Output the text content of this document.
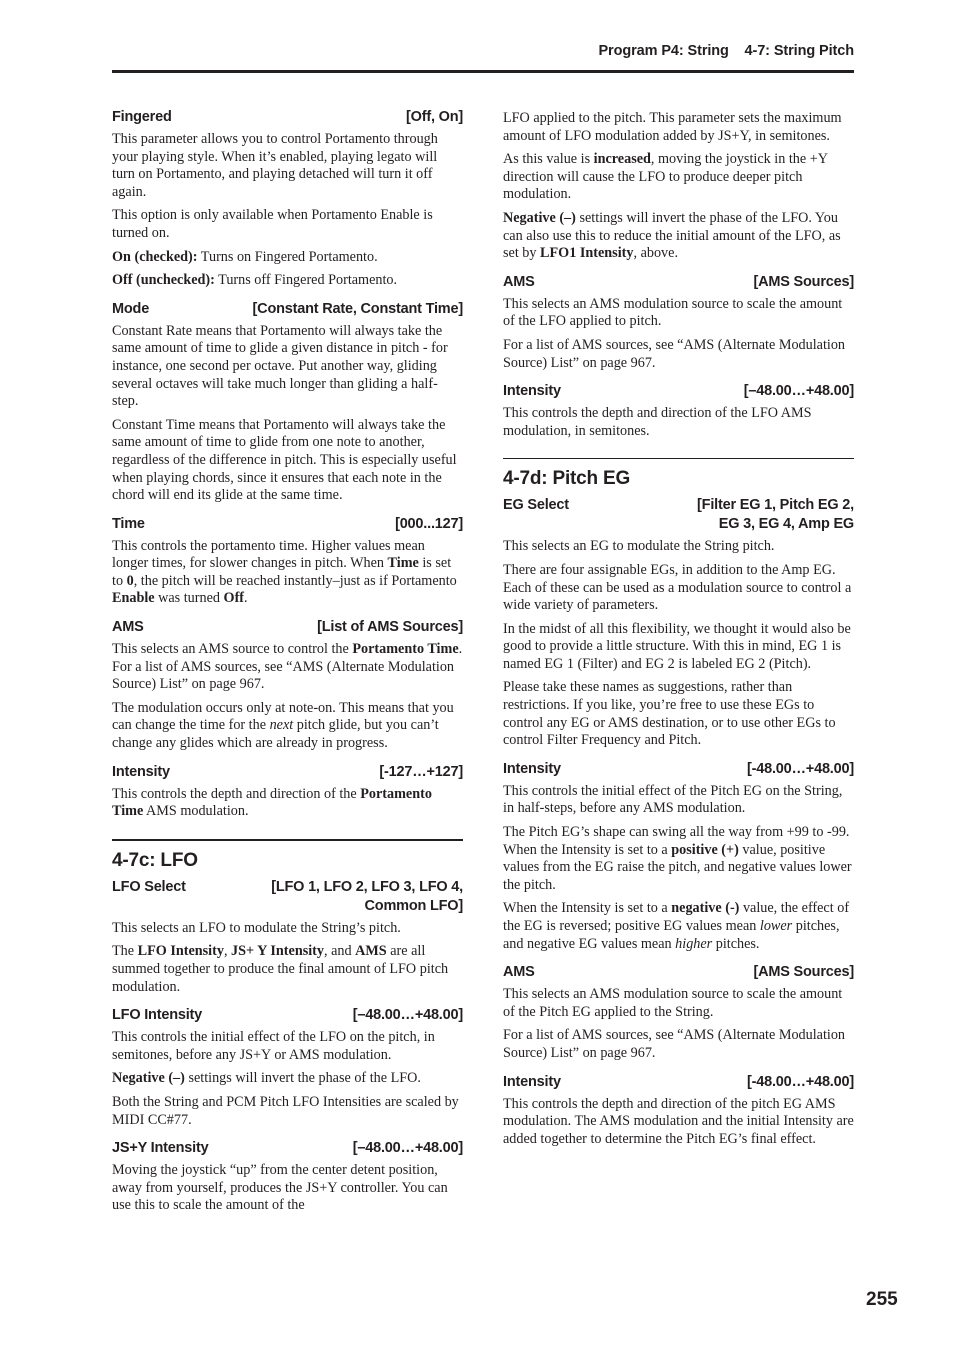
Program P4: String    4-7: String Pitch
Fingered	[Off, On]

This parameter allows you to control Portamento through your playing style. When it’s enabled, playing legato will turn on Portamento, and playing detached will turn it off again.

This option is only available when Portamento Enable is turned on.

On (checked): Turns on Fingered Portamento.

Off (unchecked): Turns off Fingered Portamento.

Mode	[Constant Rate, Constant Time]

Constant Rate means that Portamento will always take the same amount of time to glide a given distance in pitch - for instance, one second per octave. Put another way, gliding several octaves will take much longer than gliding a half-step.

Constant Time means that Portamento will always take the same amount of time to glide from one note to another, regardless of the difference in pitch. This is especially useful when playing chords, since it ensures that each note in the chord will end its glide at the same time.

Time	[000...127]

This controls the portamento time. Higher values mean longer times, for slower changes in pitch. When Time is set to 0, the pitch will be reached instantly–just as if Portamento Enable was turned Off.

AMS	[List of AMS Sources]

This selects an AMS source to control the Portamento Time. For a list of AMS sources, see “AMS (Alternate Modulation Source) List” on page 967.

The modulation occurs only at note-on. This means that you can change the time for the next pitch glide, but you can’t change any glides which are already in progress.

Intensity	[-127…+127]

This controls the depth and direction of the Portamento Time AMS modulation.

4-7c: LFO
LFO Select	[LFO 1, LFO 2, LFO 3, LFO 4,
Common LFO]

This selects an LFO to modulate the String’s pitch.

The LFO Intensity, JS+ Y Intensity, and AMS are all summed together to produce the final amount of LFO pitch modulation.

LFO Intensity	[–48.00…+48.00]

This controls the initial effect of the LFO on the pitch, in semitones, before any JS+Y or AMS modulation.

Negative (–) settings will invert the phase of the LFO.

Both the String and PCM Pitch LFO Intensities are scaled by MIDI CC#77.

JS+Y Intensity	[–48.00…+48.00]

Moving the joystick “up” from the center detent position, away from yourself, produces the JS+Y controller. You can use this to scale the amount of the

LFO applied to the pitch. This parameter sets the maximum amount of LFO modulation added by JS+Y, in semitones.

As this value is increased, moving the joystick in the +Y direction will cause the LFO to produce deeper pitch modulation.

Negative (–) settings will invert the phase of the LFO. You can also use this to reduce the initial amount of the LFO, as set by LFO1 Intensity, above.

AMS	[AMS Sources]

This selects an AMS modulation source to scale the amount of the LFO applied to pitch.

For a list of AMS sources, see “AMS (Alternate Modulation Source) List” on page 967.

Intensity	[–48.00…+48.00]

This controls the depth and direction of the LFO AMS modulation, in semitones.

4-7d: Pitch EG
EG Select	[Filter EG 1, Pitch EG 2,
EG 3, EG 4, Amp EG

This selects an EG to modulate the String pitch.

There are four assignable EGs, in addition to the Amp EG. Each of these can be used as a modulation source to control a wide variety of parameters.

In the midst of all this flexibility, we thought it would also be good to provide a little structure. With this in mind, EG 1 is named EG 1 (Filter) and EG 2 is labeled EG 2 (Pitch).

Please take these names as suggestions, rather than restrictions. If you like, you’re free to use these EGs to control any EG or AMS destination, or to use other EGs to control Filter Frequency and Pitch.

Intensity	[-48.00…+48.00]

This controls the initial effect of the Pitch EG on the String, in half-steps, before any AMS modulation.

The Pitch EG’s shape can swing all the way from +99 to -99. When the Intensity is set to a positive (+) value, positive values from the EG raise the pitch, and negative values lower the pitch.

When the Intensity is set to a negative (-) value, the effect of the EG is reversed; positive EG values mean lower pitches, and negative EG values mean higher pitches.

AMS	[AMS Sources]

This selects an AMS modulation source to scale the amount of the Pitch EG applied to the String.

For a list of AMS sources, see “AMS (Alternate Modulation Source) List” on page 967.

Intensity	[-48.00…+48.00]

This controls the depth and direction of the pitch EG AMS modulation. The AMS modulation and the initial Intensity are added together to determine the Pitch EG’s final effect.

255
